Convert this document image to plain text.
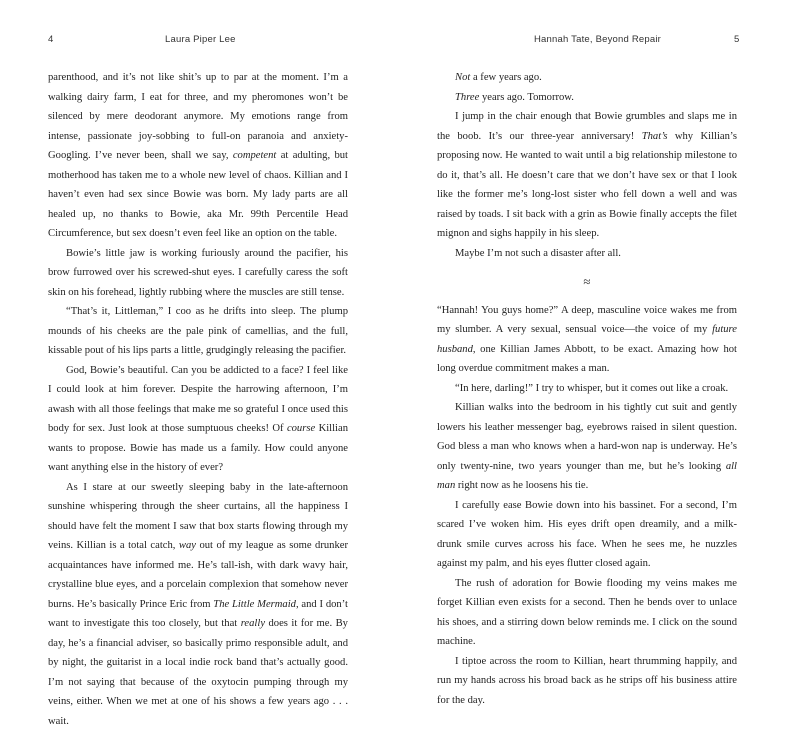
4	Laura Piper Lee

parenthood, and it’s not like shit’s up to par at the moment. I’m a walking dairy farm, I eat for three, and my pheromones won’t be silenced by mere deodorant anymore. My emotions range from intense, passionate joy-sobbing to full-on paranoia and anxiety-Googling. I’ve never been, shall we say, competent at adulting, but motherhood has taken me to a whole new level of chaos. Killian and I haven’t even had sex since Bowie was born. My lady parts are all healed up, no thanks to Bowie, aka Mr. 99th Percentile Head Circumference, but sex doesn’t even feel like an option on the table.

Bowie’s little jaw is working furiously around the pacifier, his brow furrowed over his screwed-shut eyes. I carefully caress the soft skin on his forehead, lightly rubbing where the muscles are still tense.

“That’s it, Littleman,” I coo as he drifts into sleep. The plump mounds of his cheeks are the pale pink of camellias, and the full, kissable pout of his lips parts a little, grudgingly releasing the pacifier.

God, Bowie’s beautiful. Can you be addicted to a face? I feel like I could look at him forever. Despite the harrowing afternoon, I’m awash with all those feelings that make me so grateful I once used this body for sex. Just look at those sumptuous cheeks! Of course Killian wants to propose. Bowie has made us a family. How could anyone want anything else in the history of ever?

As I stare at our sweetly sleeping baby in the late-afternoon sunshine whispering through the sheer curtains, all the happiness I should have felt the moment I saw that box starts flowing through my veins. Killian is a total catch, way out of my league as some drunker acquaintances have informed me. He’s tall-ish, with dark wavy hair, crystalline blue eyes, and a porcelain complexion that somehow never burns. He’s basically Prince Eric from The Little Mermaid, and I don’t want to investigate this too closely, but that really does it for me. By day, he’s a financial adviser, so basically primo responsible adult, and by night, the guitarist in a local indie rock band that’s actually good. I’m not saying that because of the oxytocin pumping through my veins, either. When we met at one of his shows a few years ago . . . wait.

Hannah Tate, Beyond Repair	5

Not a few years ago.

Three years ago. Tomorrow.

I jump in the chair enough that Bowie grumbles and slaps me in the boob. It’s our three-year anniversary! That’s why Killian’s proposing now. He wanted to wait until a big relationship milestone to do it, that’s all. He doesn’t care that we don’t have sex or that I look like the former me’s long-lost sister who fell down a well and was raised by toads. I sit back with a grin as Bowie finally accepts the filet mignon and sighs happily in his sleep.

Maybe I’m not such a disaster after all.

≈

“Hannah! You guys home?” A deep, masculine voice wakes me from my slumber. A very sexual, sensual voice—the voice of my future husband, one Killian James Abbott, to be exact. Amazing how hot long overdue commitment makes a man.

“In here, darling!” I try to whisper, but it comes out like a croak.

Killian walks into the bedroom in his tightly cut suit and gently lowers his leather messenger bag, eyebrows raised in silent question. God bless a man who knows when a hard-won nap is underway. He’s only twenty-nine, two years younger than me, but he’s looking all man right now as he loosens his tie.

I carefully ease Bowie down into his bassinet. For a second, I’m scared I’ve woken him. His eyes drift open dreamily, and a milk-drunk smile curves across his face. When he sees me, he nuzzles against my palm, and his eyes flutter closed again.

The rush of adoration for Bowie flooding my veins makes me forget Killian even exists for a second. Then he bends over to unlace his shoes, and a stirring down below reminds me. I click on the sound machine.

I tiptoe across the room to Killian, heart thrumming happily, and run my hands across his broad back as he strips off his business attire for the day.
